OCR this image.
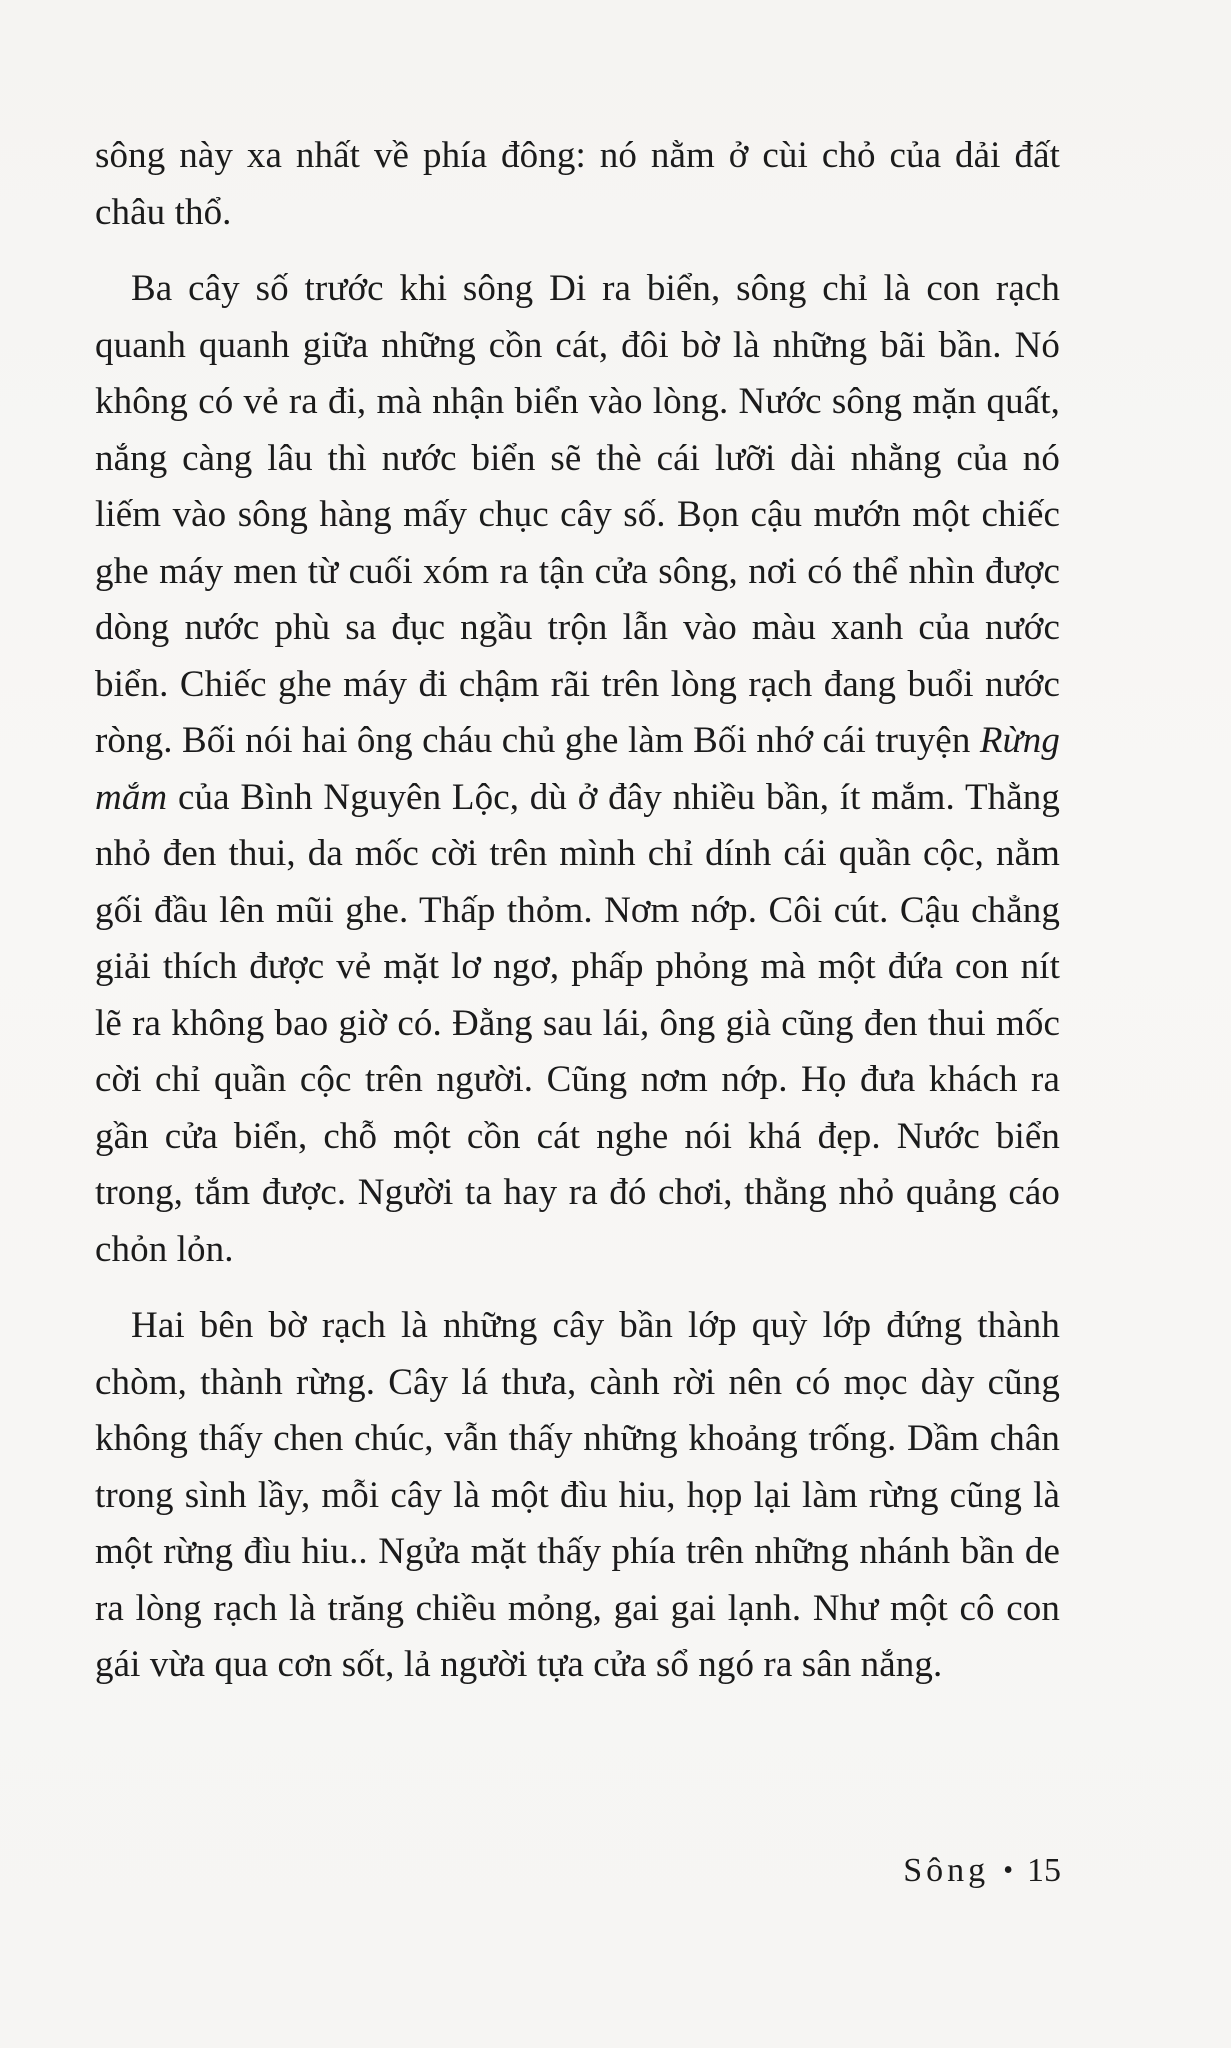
sông này xa nhất về phía đông: nó nằm ở cùi chỏ của dải đất châu thổ.

Ba cây số trước khi sông Di ra biển, sông chỉ là con rạch quanh quanh giữa những cồn cát, đôi bờ là những bãi bần. Nó không có vẻ ra đi, mà nhận biển vào lòng. Nước sông mặn quất, nắng càng lâu thì nước biển sẽ thè cái lưỡi dài nhằng của nó liếm vào sông hàng mấy chục cây số. Bọn cậu mướn một chiếc ghe máy men từ cuối xóm ra tận cửa sông, nơi có thể nhìn được dòng nước phù sa đục ngầu trộn lẫn vào màu xanh của nước biển. Chiếc ghe máy đi chậm rãi trên lòng rạch đang buổi nước ròng. Bối nói hai ông cháu chủ ghe làm Bối nhớ cái truyện Rừng mắm của Bình Nguyên Lộc, dù ở đây nhiều bần, ít mắm. Thằng nhỏ đen thui, da mốc cời trên mình chỉ dính cái quần cộc, nằm gối đầu lên mũi ghe. Thấp thỏm. Nơm nớp. Côi cút. Cậu chẳng giải thích được vẻ mặt lơ ngơ, phấp phỏng mà một đứa con nít lẽ ra không bao giờ có. Đằng sau lái, ông già cũng đen thui mốc cời chỉ quần cộc trên người. Cũng nơm nớp. Họ đưa khách ra gần cửa biển, chỗ một cồn cát nghe nói khá đẹp. Nước biển trong, tắm được. Người ta hay ra đó chơi, thằng nhỏ quảng cáo chỏn lỏn.

Hai bên bờ rạch là những cây bần lớp quỳ lớp đứng thành chòm, thành rừng. Cây lá thưa, cành rời nên có mọc dày cũng không thấy chen chúc, vẫn thấy những khoảng trống. Dầm chân trong sình lầy, mỗi cây là một đìu hiu, họp lại làm rừng cũng là một rừng đìu hiu.. Ngửa mặt thấy phía trên những nhánh bần de ra lòng rạch là trăng chiều mỏng, gai gai lạnh. Như một cô con gái vừa qua cơn sốt, lả người tựa cửa sổ ngó ra sân nắng.

Sông • 15
